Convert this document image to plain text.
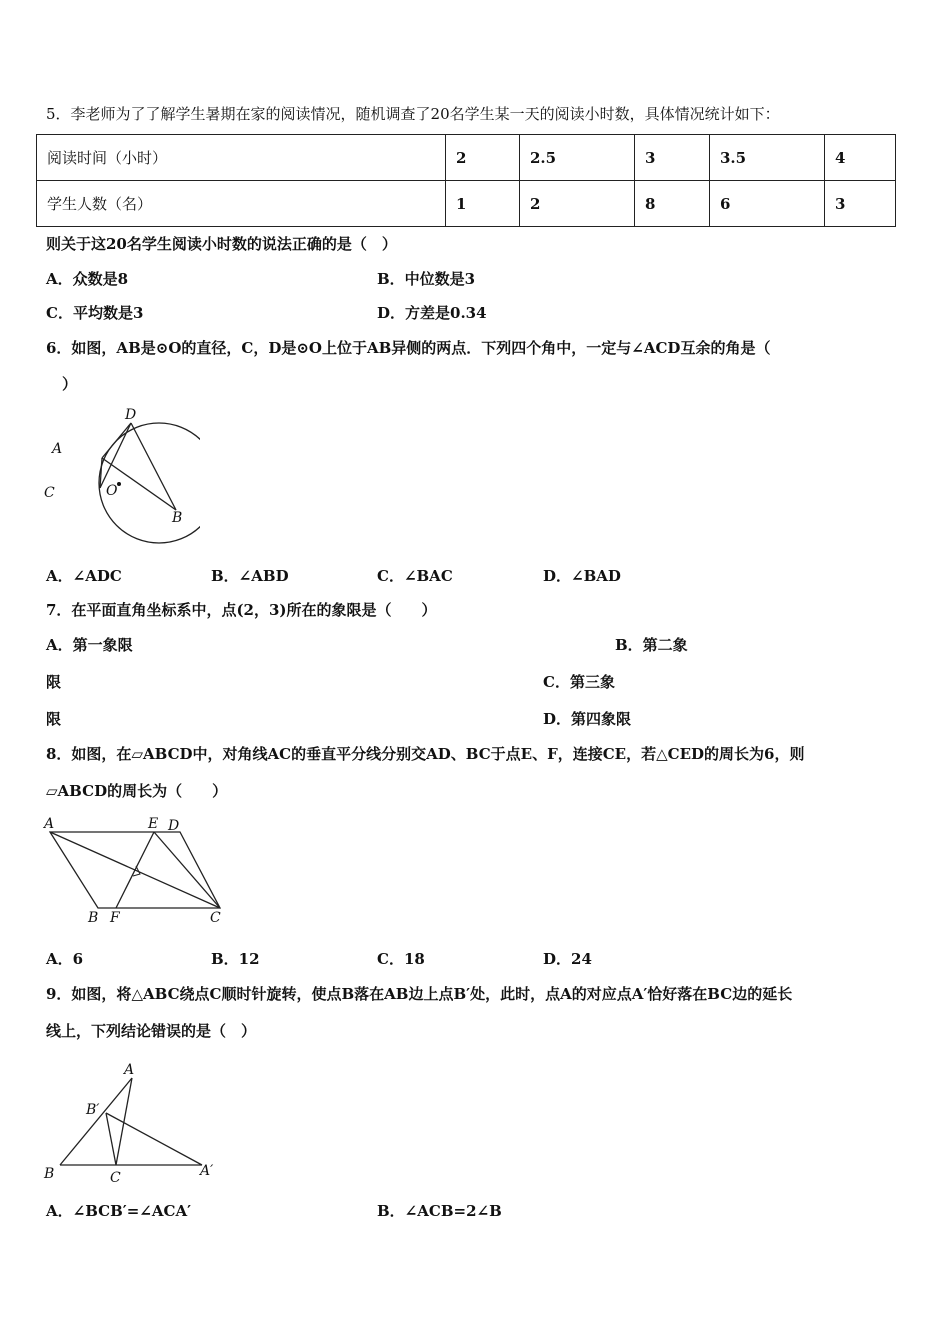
5．李老师为了了解学生暑期在家的阅读情况，随机调查了20名学生某一天的阅读小时数，具体情况统计如下：
阅读时间（小时）	2	2.5	3	3.5	4
学生人数（名）	1	2	8	6	3
则关于这20名学生阅读小时数的说法正确的是（　）
A．众数是8	B．中位数是3
C．平均数是3	D．方差是0.34
6．如图，AB是⊙O的直径，C，D是⊙O上位于AB异侧的两点．下列四个角中，一定与∠ACD互余的角是（
）
D
A
C	O
B
A．∠ADC	B．∠ABD	C．∠BAC	D．∠BAD
7．在平面直角坐标系中，点(2，3)所在的象限是（　　）
A．第一象限	B．第二象
限	C．第三象
限	D．第四象限
8．如图，在▱ABCD中，对角线AC的垂直平分线分别交AD、BC于点E、F，连接CE，若△CED的周长为6，则
▱ABCD的周长为（　　）
A	E D
B F	C
A．6	B．12	C．18	D．24
9．如图，将△ABC绕点C顺时针旋转，使点B落在AB边上点B′处，此时，点A的对应点A′恰好落在BC边的延长
线上，下列结论错误的是（　）
A
B′
B	C	A′
A．∠BCB′=∠ACA′	B．∠ACB=2∠B
